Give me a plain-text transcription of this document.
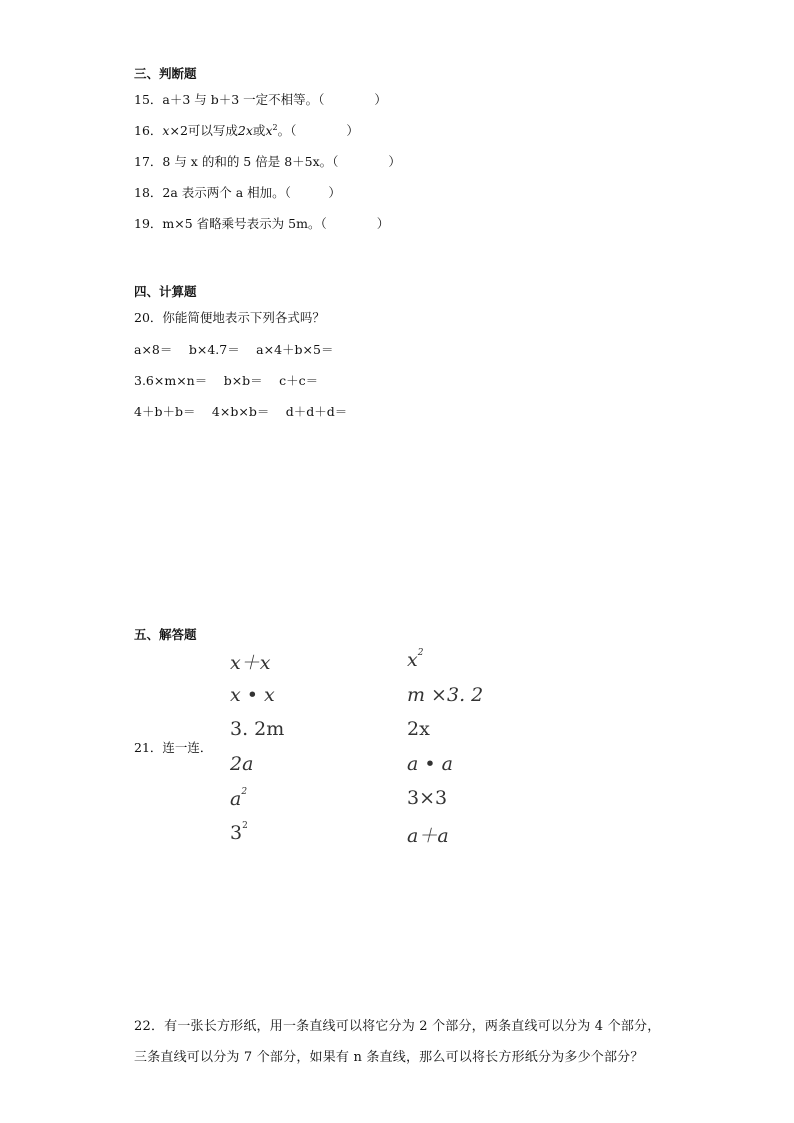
三、判断题
15．a＋3 与 b＋3 一定不相等。（　　　　）
16．x×2可以写成2x或$x^2$。（　　　　）
17．8 与 x 的和的 5 倍是 8＋5x。（　　　　）
18．2a 表示两个 a 相加。（　　　）
19．m×5 省略乘号表示为 5m。（　　　　）
四、计算题
20．你能简便地表示下列各式吗？
a×8＝　 b×4.7＝　 a×4＋b×5＝
3.6×m×n＝　 b×b＝　 c＋c＝
4＋b＋b＝　 4×b×b＝　 d＋d＋d＝
五、解答题
21．连一连．
x＋x
x • x
3. 2m
2a
$a^2$
$3^2$
$x^2$
m ×3. 2
2x
a • a
3×3
a＋a
22．有一张长方形纸，用一条直线可以将它分为 2 个部分，两条直线可以分为 4 个部分，
三条直线可以分为 7 个部分，如果有 n 条直线，那么可以将长方形纸分为多少个部分？
